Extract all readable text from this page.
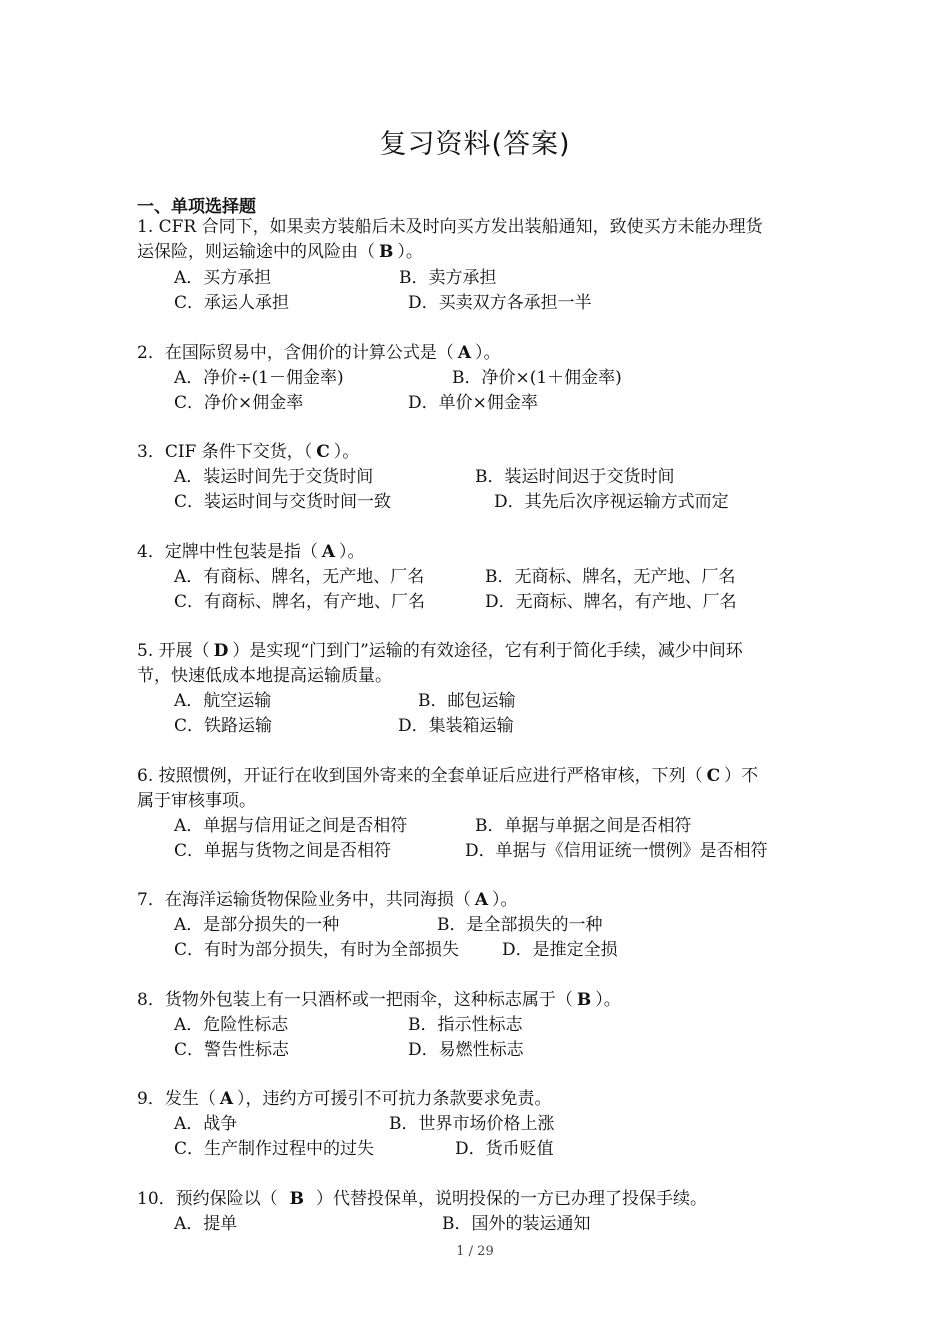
复习资料(答案)
一、单项选择题
1. CFR 合同下，如果卖方装船后未及时向买方发出装船通知，致使买方未能办理货
运保险，则运输途中的风险由（ B ）。
A．买方承担	B．卖方承担
C．承运人承担	D．买卖双方各承担一半
2．在国际贸易中，含佣价的计算公式是（ A ）。
A．净价÷(1－佣金率)	B．净价×(1＋佣金率)
C．净价×佣金率	D．单价×佣金率
3．CIF 条件下交货，（ C ）。
A．装运时间先于交货时间	B．装运时间迟于交货时间
C．装运时间与交货时间一致	D．其先后次序视运输方式而定
4．定牌中性包装是指（ A ）。
A．有商标、牌名，无产地、厂名	B．无商标、牌名，无产地、厂名
C．有商标、牌名，有产地、厂名	D．无商标、牌名，有产地、厂名
5. 开展（ D ）是实现“门到门”运输的有效途径，它有利于简化手续，减少中间环
节，快速低成本地提高运输质量。
A．航空运输	B．邮包运输
C．铁路运输	D．集装箱运输
6. 按照惯例，开证行在收到国外寄来的全套单证后应进行严格审核，下列（ C ）不
属于审核事项。
A．单据与信用证之间是否相符	B．单据与单据之间是否相符
C．单据与货物之间是否相符	D．单据与《信用证统一惯例》是否相符
7．在海洋运输货物保险业务中，共同海损（ A ）。
A．是部分损失的一种	B．是全部损失的一种
C．有时为部分损失，有时为全部损失	D．是推定全损
8．货物外包装上有一只酒杯或一把雨伞，这种标志属于（ B ）。
A．危险性标志	B．指示性标志
C．警告性标志	D．易燃性标志
9．发生（ A ），违约方可援引不可抗力条款要求免责。
A．战争	B．世界市场价格上涨
C．生产制作过程中的过失	D．货币贬值
10．预约保险以（ B ）代替投保单，说明投保的一方已办理了投保手续。
A．提单	B．国外的装运通知
1 / 29
